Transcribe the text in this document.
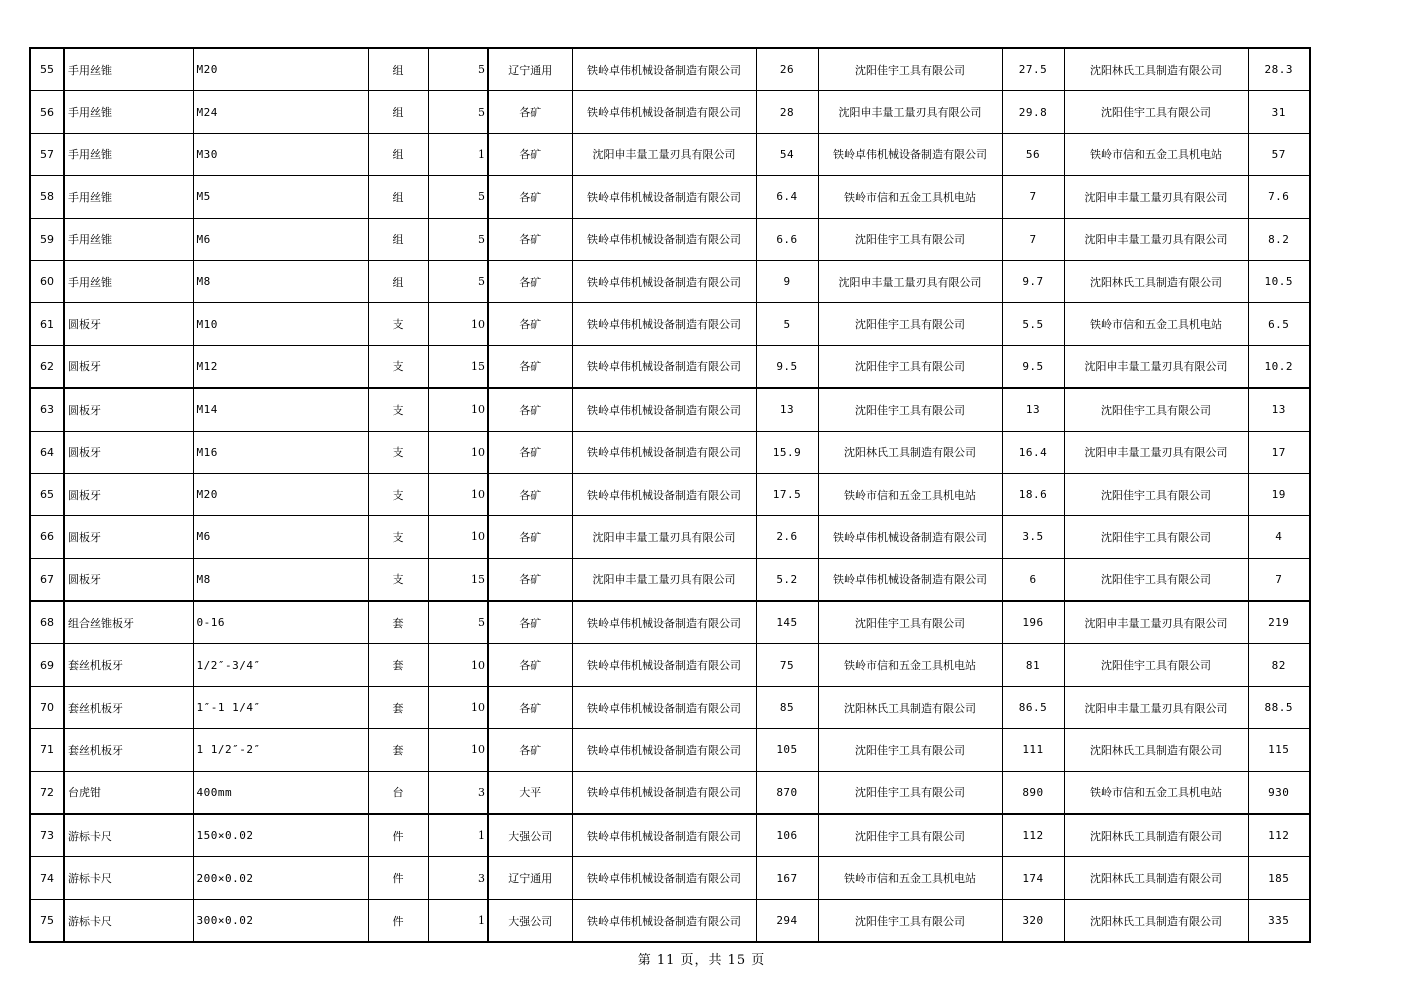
55	手用丝锥	M20	组	5	辽宁通用	铁岭卓伟机械设备制造有限公司	26	沈阳佳宇工具有限公司	27.5	沈阳林氏工具制造有限公司	28.3
56	手用丝锥	M24	组	5	各矿	铁岭卓伟机械设备制造有限公司	28	沈阳申丰量工量刃具有限公司	29.8	沈阳佳宇工具有限公司	31
57	手用丝锥	M30	组	1	各矿	沈阳申丰量工量刃具有限公司	54	铁岭卓伟机械设备制造有限公司	56	铁岭市信和五金工具机电站	57
58	手用丝锥	M5	组	5	各矿	铁岭卓伟机械设备制造有限公司	6.4	铁岭市信和五金工具机电站	7	沈阳申丰量工量刃具有限公司	7.6
59	手用丝锥	M6	组	5	各矿	铁岭卓伟机械设备制造有限公司	6.6	沈阳佳宇工具有限公司	7	沈阳申丰量工量刃具有限公司	8.2
60	手用丝锥	M8	组	5	各矿	铁岭卓伟机械设备制造有限公司	9	沈阳申丰量工量刃具有限公司	9.7	沈阳林氏工具制造有限公司	10.5
61	圆板牙	M10	支	10	各矿	铁岭卓伟机械设备制造有限公司	5	沈阳佳宇工具有限公司	5.5	铁岭市信和五金工具机电站	6.5
62	圆板牙	M12	支	15	各矿	铁岭卓伟机械设备制造有限公司	9.5	沈阳佳宇工具有限公司	9.5	沈阳申丰量工量刃具有限公司	10.2
63	圆板牙	M14	支	10	各矿	铁岭卓伟机械设备制造有限公司	13	沈阳佳宇工具有限公司	13	沈阳佳宇工具有限公司	13
64	圆板牙	M16	支	10	各矿	铁岭卓伟机械设备制造有限公司	15.9	沈阳林氏工具制造有限公司	16.4	沈阳申丰量工量刃具有限公司	17
65	圆板牙	M20	支	10	各矿	铁岭卓伟机械设备制造有限公司	17.5	铁岭市信和五金工具机电站	18.6	沈阳佳宇工具有限公司	19
66	圆板牙	M6	支	10	各矿	沈阳申丰量工量刃具有限公司	2.6	铁岭卓伟机械设备制造有限公司	3.5	沈阳佳宇工具有限公司	4
67	圆板牙	M8	支	15	各矿	沈阳申丰量工量刃具有限公司	5.2	铁岭卓伟机械设备制造有限公司	6	沈阳佳宇工具有限公司	7
68	组合丝锥板牙	0-16	套	5	各矿	铁岭卓伟机械设备制造有限公司	145	沈阳佳宇工具有限公司	196	沈阳申丰量工量刃具有限公司	219
69	套丝机板牙	1/2″-3/4″	套	10	各矿	铁岭卓伟机械设备制造有限公司	75	铁岭市信和五金工具机电站	81	沈阳佳宇工具有限公司	82
70	套丝机板牙	1″-1 1/4″	套	10	各矿	铁岭卓伟机械设备制造有限公司	85	沈阳林氏工具制造有限公司	86.5	沈阳申丰量工量刃具有限公司	88.5
71	套丝机板牙	1 1/2″-2″	套	10	各矿	铁岭卓伟机械设备制造有限公司	105	沈阳佳宇工具有限公司	111	沈阳林氏工具制造有限公司	115
72	台虎钳	400mm	台	3	大平	铁岭卓伟机械设备制造有限公司	870	沈阳佳宇工具有限公司	890	铁岭市信和五金工具机电站	930
73	游标卡尺	150×0.02	件	1	大强公司	铁岭卓伟机械设备制造有限公司	106	沈阳佳宇工具有限公司	112	沈阳林氏工具制造有限公司	112
74	游标卡尺	200×0.02	件	3	辽宁通用	铁岭卓伟机械设备制造有限公司	167	铁岭市信和五金工具机电站	174	沈阳林氏工具制造有限公司	185
75	游标卡尺	300×0.02	件	1	大强公司	铁岭卓伟机械设备制造有限公司	294	沈阳佳宇工具有限公司	320	沈阳林氏工具制造有限公司	335
第 11 页，共 15 页
